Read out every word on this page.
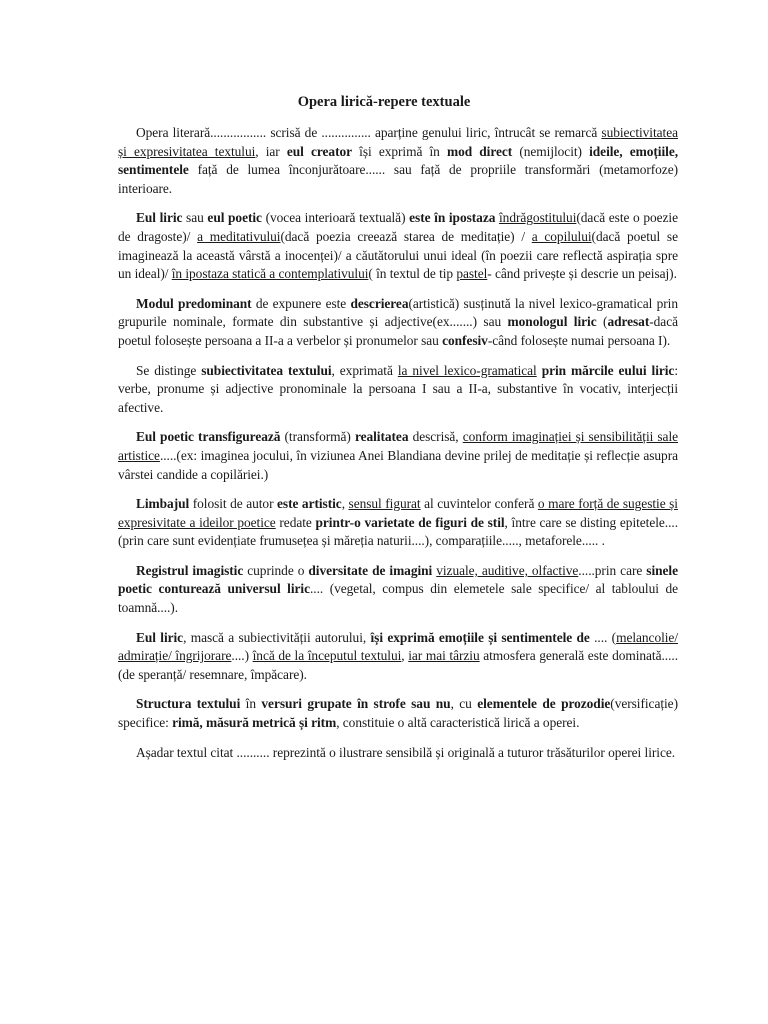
Opera lirică-repere textuale

Opera literară................. scrisă de ............... aparține genului liric, întrucât se remarcă subiectivitatea și expresivitatea textului, iar eul creator își exprimă în mod direct (nemijlocit) ideile, emoțiile, sentimentele față de lumea înconjurătoare...... sau față de propriile transformări (metamorfoze) interioare.

Eul liric sau eul poetic (vocea interioară textuală) este în ipostaza îndrăgostitului(dacă este o poezie de dragoste)/ a meditativului(dacă poezia creează starea de meditație) / a copilului(dacă poetul se imaginează la această vârstă a inocenței)/ a căutătorului unui ideal (în poezii care reflectă aspirația spre un ideal)/ în ipostaza statică a contemplativului( în textul de tip pastel- când privește și descrie un peisaj).

Modul predominant de expunere este descrierea(artistică) susținută la nivel lexico-gramatical prin grupurile nominale, formate din substantive și adjective(ex.......) sau monologul liric (adresat-dacă poetul folosește persoana a II-a a verbelor și pronumelor sau confesiv-când folosește numai persoana I).

Se distinge subiectivitatea textului, exprimată la nivel lexico-gramatical prin mărcile eului liric: verbe, pronume și adjective pronominale la persoana I sau a II-a, substantive în vocativ, interjecții afective.

Eul poetic transfigurează (transformă) realitatea descrisă, conform imaginației și sensibilității sale artistice.....(ex: imaginea jocului, în viziunea Anei Blandiana devine prilej de meditație și reflecție asupra vârstei candide a copilăriei.)

Limbajul folosit de autor este artistic, sensul figurat al cuvintelor conferă o mare forță de sugestie și expresivitate a ideilor poetice redate printr-o varietate de figuri de stil, între care se disting epitetele.... (prin care sunt evidențiate frumusețea și măreția naturii....), comparațiile....., metaforele..... .

Registrul imagistic cuprinde o diversitate de imagini vizuale, auditive, olfactive.....prin care sinele poetic conturează universul liric.... (vegetal, compus din elemetele sale specifice/ al tabloului de toamnă....).

Eul liric, mască a subiectivității autorului, își exprimă emoțiile și sentimentele de .... (melancolie/ admirație/ îngrijorare....) încă de la începutul textului, iar mai târziu atmosfera generală este dominată..... (de speranță/ resemnare, împăcare).

Structura textului în versuri grupate în strofe sau nu, cu elementele de prozodie(versificație) specifice: rimă, măsură metrică și ritm, constituie o altă caracteristică lirică a operei.

Așadar textul citat .......... reprezintă o ilustrare sensibilă și originală a tuturor trăsăturilor operei lirice.
